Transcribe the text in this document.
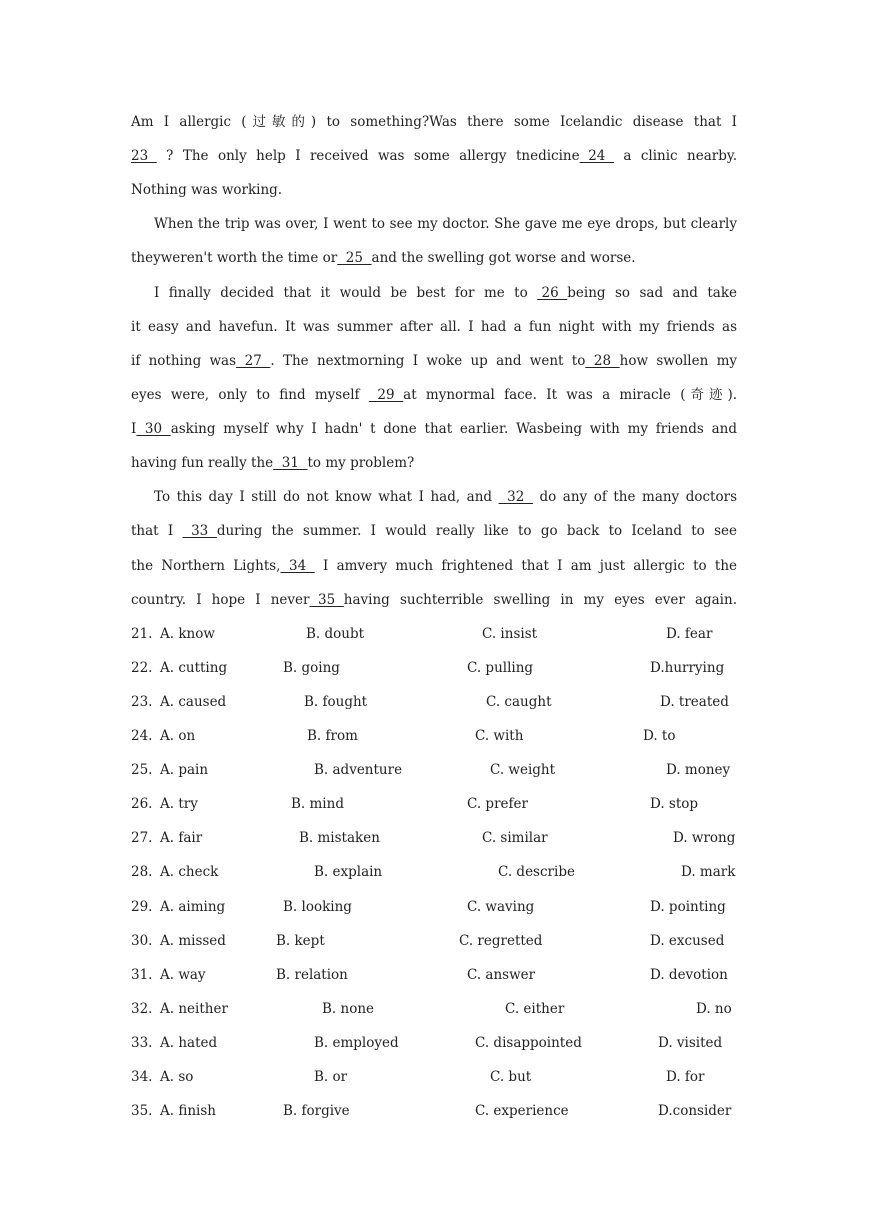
Am I allergic (过敏的) to something?Was there some Icelandic disease that I
23   ? The only help I received was some allergy tnedicine  24   a clinic nearby.
Nothing was working.
When the trip was over, I went to see my doctor. She gave me eye drops, but clearly
theyweren't worth the time or  25  and the swelling got worse and worse.
I finally decided that it would be best for me to  26  being so sad and take
it easy and havefun. It was summer after all. I had a fun night with my friends as
if nothing was  27  . The nextmorning I woke up and went to  28  how swollen my
eyes were, only to find myself   29  at mynormal face. It was a miracle (奇迹).
I  30  asking myself why I hadn' t done that earlier. Wasbeing with my friends and
having fun really the  31  to my problem?
To this day I still do not know what I had, and   32   do any of the many doctors
that I   33  during the summer. I would really like to go back to Iceland to see
the Northern Lights,  34   I amvery much frightened that I am just allergic to the
country. I hope I never  35  having suchterrible swelling in my eyes ever again.
21. A. know	B. doubt	C. insist	D. fear
22. A. cutting	B. going	C. pulling	D.hurrying
23. A. caused	B. fought	C. caught	D. treated
24. A. on	B. from	C. with	D. to
25. A. pain	B. adventure	C. weight	D. money
26. A. try	B. mind	C. prefer	D. stop
27. A. fair	B. mistaken	C. similar	D. wrong
28. A. check	B. explain	C. describe	D. mark
29. A. aiming	B. looking	C. waving	D. pointing
30. A. missed	B. kept	C. regretted	D. excused
31. A. way	B. relation	C. answer	D. devotion
32. A. neither	B. none	C. either	D. no
33. A. hated	B. employed	C. disappointed	D. visited
34. A. so	B. or	C. but	D. for
35. A. finish	B. forgive	C. experience	D.consider
